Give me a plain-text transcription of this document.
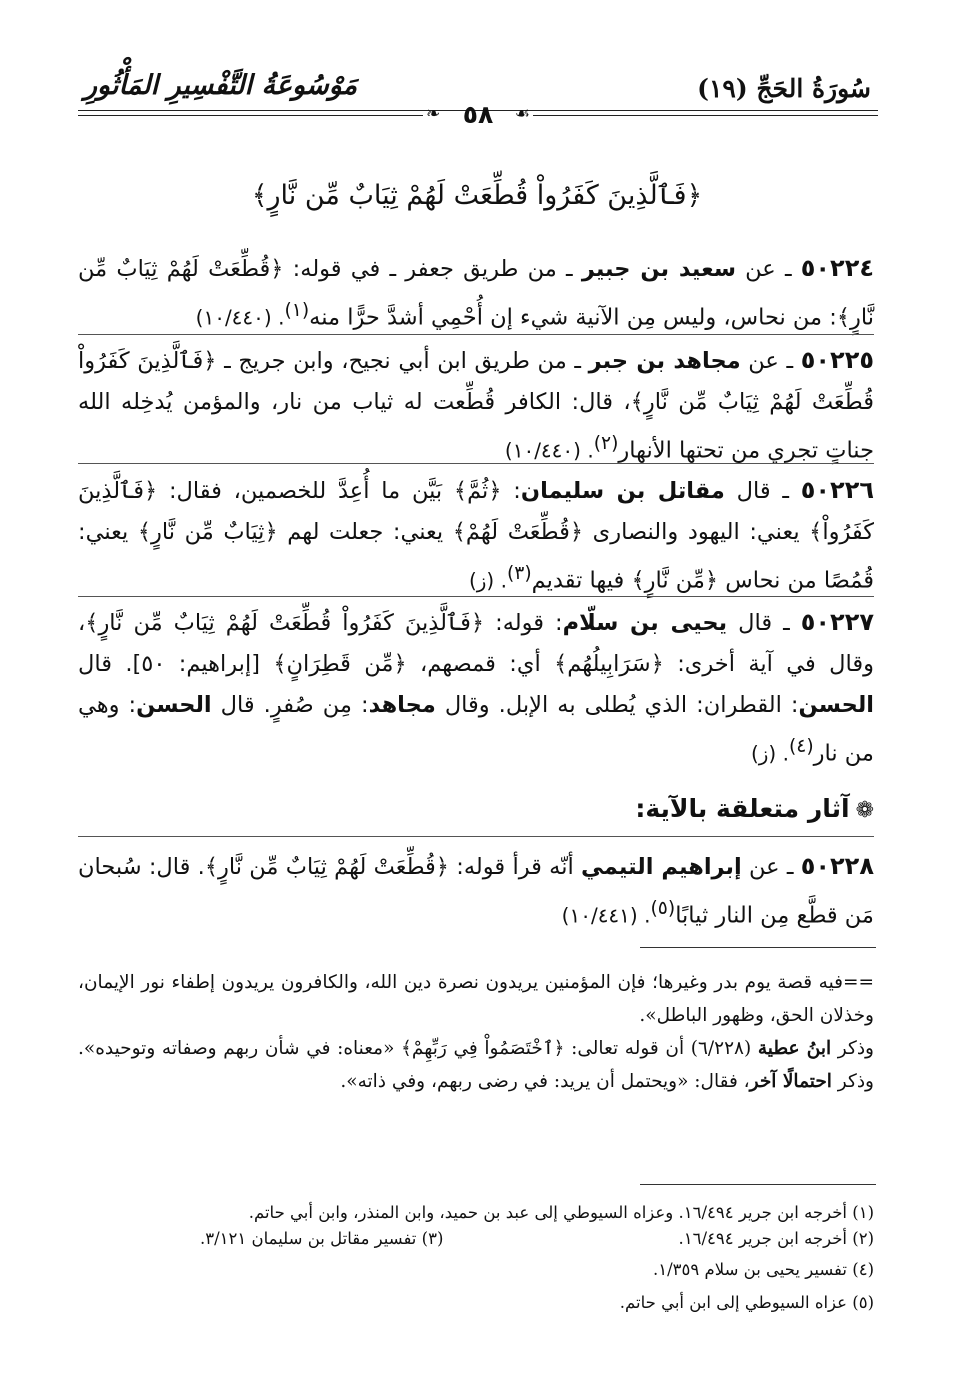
مَوْسُوعَةُ التَّفْسِيرِ المَأْثُورِ	سُورَةُ الحَجِّ (١٩)
❧ ٥٨	☙
﴿فَٱلَّذِينَ كَفَرُواْ قُطِّعَتْ لَهُمْ ثِيَابٌ مِّن نَّارٍ﴾
٥٠٢٢٤ ـ عن سعيد بن جبير ـ من طريق جعفر ـ في قوله: ﴿قُطِّعَتْ لَهُمْ ثِيَابٌ مِّن نَّارٍ﴾: من نحاس، وليس مِن الآنية شيء إن أُحْمِي أشدَّ حرًّا منه$^{(١)}$. (١٠/٤٤٠)
٥٠٢٢٥ ـ عن مجاهد بن جبر ـ من طريق ابن أبي نجيح، وابن جريج ـ ﴿فَٱلَّذِينَ كَفَرُواْ قُطِّعَتْ لَهُمْ ثِيَابٌ مِّن نَّارٍ﴾، قال: الكافر قُطِّعت له ثياب من نار، والمؤمن يُدخِله الله جناتٍ تجري من تحتها الأنهار$^{(٢)}$. (١٠/٤٤٠)
٥٠٢٢٦ ـ قال مقاتل بن سليمان: ﴿ثُمَّ﴾ بَيَّن ما أُعِدَّ للخصمين، فقال: ﴿فَٱلَّذِينَ كَفَرُواْ﴾ يعني: اليهود والنصارى ﴿قُطِّعَتْ لَهُمْ﴾ يعني: جعلت لهم ﴿ثِيَابٌ مِّن نَّارٍ﴾ يعني: قُمُصًا من نحاس ﴿مِّن نَّارٍ﴾ فيها تقديم$^{(٣)}$. (ز)
٥٠٢٢٧ ـ قال يحيى بن سلّام: قوله: ﴿فَٱلَّذِينَ كَفَرُواْ قُطِّعَتْ لَهُمْ ثِيَابٌ مِّن نَّارٍ﴾، وقال في آية أخرى: ﴿سَرَابِيلُهُم﴾ أي: قمصهم، ﴿مِّن قَطِرَانٍ﴾ [إبراهيم: ٥٠]. قال الحسن: القطران: الذي يُطلى به الإبل. وقال مجاهد: مِن صُفرٍ. قال الحسن: وهي من نار$^{(٤)}$. (ز)
❁آثار متعلقة بالآية:
٥٠٢٢٨ ـ عن إبراهيم التيمي أنّه قرأ قوله: ﴿قُطِّعَتْ لَهُمْ ثِيَابٌ مِّن نَّارٍ﴾. قال: سُبحان مَن قطَّع مِن النار ثيابًا$^{(٥)}$. (١٠/٤٤١)
==فيه قصة يوم بدر وغيرها؛ فإن المؤمنين يريدون نصرة دين الله، والكافرون يريدون إطفاء نور الإيمان، وخذلان الحق، وظهور الباطل».
وذكر ابنُ عطية (٦/٢٢٨) أن قوله تعالى: ﴿ٱخْتَصَمُواْ فِي رَبِّهِمْ﴾ «معناه: في شأن ربهم وصفاته وتوحيده». وذكر احتمالًا آخر، فقال: «ويحتمل أن يريد: في رضى ربهم، وفي ذاته».
(١) أخرجه ابن جرير ١٦/٤٩٤. وعزاه السيوطي إلى عبد بن حميد، وابن المنذر، وابن أبي حاتم.
(٢) أخرجه ابن جرير ١٦/٤٩٤.
(٣) تفسير مقاتل بن سليمان ٣/١٢١.
(٤) تفسير يحيى بن سلام ١/٣٥٩.
(٥) عزاه السيوطي إلى ابن أبي حاتم.
